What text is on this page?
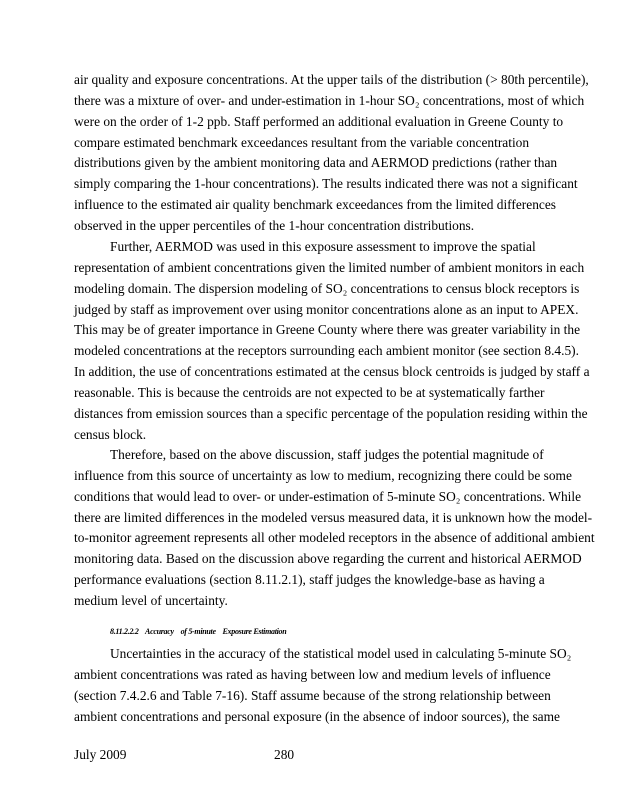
8.11.2.2.2    Accuracy    of 5-minute    Exposure Estimation
July 2009	280
air quality and exposure concentrations. At the upper tails of the distribution (> 80th percentile),
there was a mixture of over- and under-estimation in 1-hour SO₂ concentrations, most of which
were on the order of 1-2 ppb. Staff performed an additional evaluation in Greene County to
compare estimated benchmark exceedances resultant from the variable concentration
distributions given by the ambient monitoring data and AERMOD predictions (rather than
simply comparing the 1-hour concentrations). The results indicated there was not a significant
influence to the estimated air quality benchmark exceedances from the limited differences
observed in the upper percentiles of the 1-hour concentration distributions.
Further, AERMOD was used in this exposure assessment to improve the spatial
representation of ambient concentrations given the limited number of ambient monitors in each
modeling domain. The dispersion modeling of SO₂ concentrations to census block receptors is
judged by staff as improvement over using monitor concentrations alone as an input to APEX.
This may be of greater importance in Greene County where there was greater variability in the
modeled concentrations at the receptors surrounding each ambient monitor (see section 8.4.5).
In addition, the use of concentrations estimated at the census block centroids is judged by staff a
reasonable. This is because the centroids are not expected to be at systematically farther
distances from emission sources than a specific percentage of the population residing within the
census block.
Therefore, based on the above discussion, staff judges the potential magnitude of
influence from this source of uncertainty as low to medium, recognizing there could be some
conditions that would lead to over- or under-estimation of 5-minute SO₂ concentrations. While
there are limited differences in the modeled versus measured data, it is unknown how the model-
to-monitor agreement represents all other modeled receptors in the absence of additional ambient
monitoring data. Based on the discussion above regarding the current and historical AERMOD
performance evaluations (section 8.11.2.1), staff judges the knowledge-base as having a
medium level of uncertainty.
Uncertainties in the accuracy of the statistical model used in calculating 5-minute SO₂
ambient concentrations was rated as having between low and medium levels of influence
(section 7.4.2.6 and Table 7-16). Staff assume because of the strong relationship between
ambient concentrations and personal exposure (in the absence of indoor sources), the same
